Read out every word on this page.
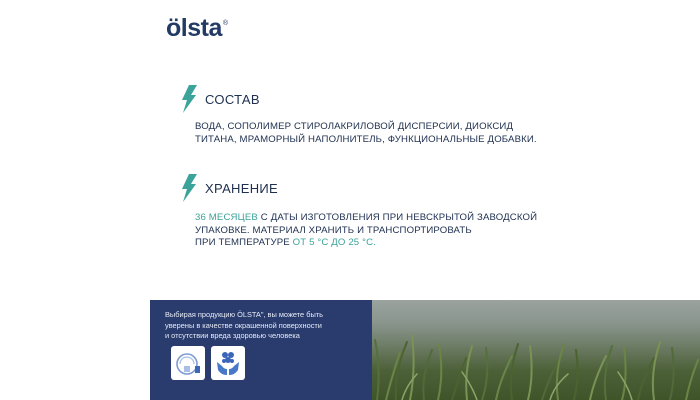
ölsta®
СОСТАВ
ВОДА, СОПОЛИМЕР СТИРОЛАКРИЛОВОЙ ДИСПЕРСИИ, ДИОКСИД
ТИТАНА, МРАМОРНЫЙ НАПОЛНИТЕЛЬ, ФУНКЦИОНАЛЬНЫЕ ДОБАВКИ.
ХРАНЕНИЕ
36 МЕСЯЦЕВ С ДАТЫ ИЗГОТОВЛЕНИЯ ПРИ НЕВСКРЫТОЙ ЗАВОДСКОЙ
УПАКОВКЕ. МАТЕРИАЛ ХРАНИТЬ И ТРАНСПОРТИРОВАТЬ
ПРИ ТЕМПЕРАТУРЕ ОТ 5 °С ДО 25 °С.
Выбирая продукцию ÖLSTA", вы можете быть
уверены в качестве окрашенной поверхности
и отсутствии вреда здоровью человека
